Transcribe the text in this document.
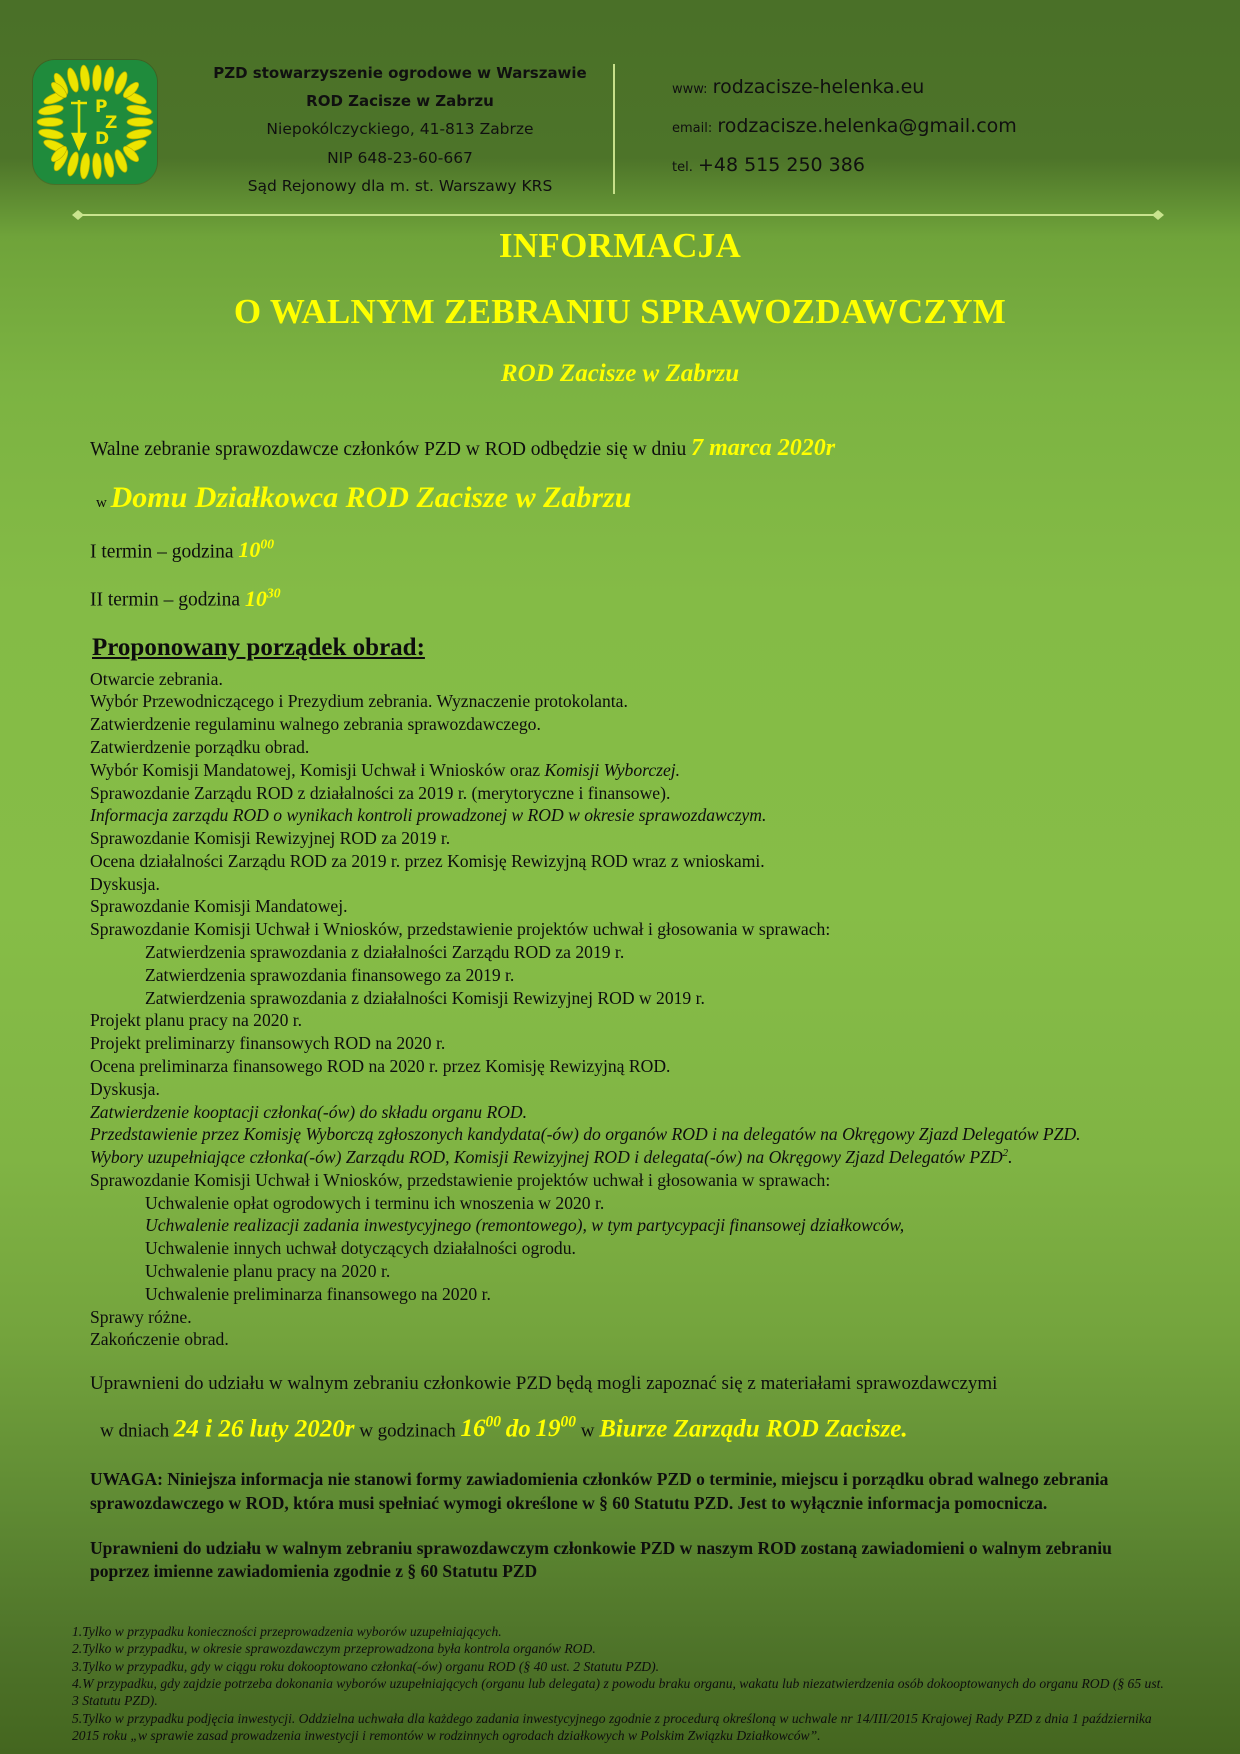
P
Z
D
PZD stowarzyszenie ogrodowe w Warszawie
ROD Zacisze w Zabrzu
Niepokólczyckiego, 41-813 Zabrze
NIP 648-23-60-667
Sąd Rejonowy dla m. st. Warszawy KRS
www: rodzacisze-helenka.eu
email: rodzacisze.helenka@gmail.com
tel. +48 515 250 386
INFORMACJA
O WALNYM ZEBRANIU SPRAWOZDAWCZYM
ROD Zacisze w Zabrzu
Walne zebranie sprawozdawcze członków PZD w ROD odbędzie się w dniu 7 marca 2020r
w Domu Działkowca ROD Zacisze w Zabrzu
I termin – godzina $10^{00}$
II termin – godzina $10^{30}$
Proponowany porządek obrad:
Otwarcie zebrania.
Wybór Przewodniczącego i Prezydium zebrania. Wyznaczenie protokolanta.
Zatwierdzenie regulaminu walnego zebrania sprawozdawczego.
Zatwierdzenie porządku obrad.
Wybór Komisji Mandatowej, Komisji Uchwał i Wniosków oraz Komisji Wyborczej.
Sprawozdanie Zarządu ROD z działalności za 2019 r. (merytoryczne i finansowe).
Informacja zarządu ROD o wynikach kontroli prowadzonej w ROD w okresie sprawozdawczym.
Sprawozdanie Komisji Rewizyjnej ROD za 2019 r.
Ocena działalności Zarządu ROD za 2019 r. przez Komisję Rewizyjną ROD wraz z wnioskami.
Dyskusja.
Sprawozdanie Komisji Mandatowej.
Sprawozdanie Komisji Uchwał i Wniosków, przedstawienie projektów uchwał i głosowania w sprawach:
Zatwierdzenia sprawozdania z działalności Zarządu ROD za 2019 r.
Zatwierdzenia sprawozdania finansowego za 2019 r.
Zatwierdzenia sprawozdania z działalności Komisji Rewizyjnej ROD w 2019 r.
Projekt planu pracy na 2020 r.
Projekt preliminarzy finansowych ROD na 2020 r.
Ocena preliminarza finansowego ROD na 2020 r. przez Komisję Rewizyjną ROD.
Dyskusja.
Zatwierdzenie kooptacji członka(-ów) do składu organu ROD.
Przedstawienie przez Komisję Wyborczą zgłoszonych kandydata(-ów) do organów ROD i na delegatów na Okręgowy Zjazd Delegatów PZD.
Wybory uzupełniające członka(-ów) Zarządu ROD, Komisji Rewizyjnej ROD i delegata(-ów) na Okręgowy Zjazd Delegatów PZD$^2$.
Sprawozdanie Komisji Uchwał i Wniosków, przedstawienie projektów uchwał i głosowania w sprawach:
Uchwalenie opłat ogrodowych i terminu ich wnoszenia w 2020 r.
Uchwalenie realizacji zadania inwestycyjnego (remontowego), w tym partycypacji finansowej działkowców,
Uchwalenie innych uchwał dotyczących działalności ogrodu.
Uchwalenie planu pracy na 2020 r.
Uchwalenie preliminarza finansowego na 2020 r.
Sprawy różne.
Zakończenie obrad.
Uprawnieni do udziału w walnym zebraniu członkowie PZD będą mogli zapoznać się z materiałami sprawozdawczymi
w dniach 24 i 26 luty 2020r w godzinach $16^{00}$ do $19^{00}$ w Biurze Zarządu ROD Zacisze.
UWAGA: Niniejsza informacja nie stanowi formy zawiadomienia członków PZD o terminie, miejscu i porządku obrad walnego zebrania sprawozdawczego w ROD, która musi spełniać wymogi określone w § 60 Statutu PZD. Jest to wyłącznie informacja pomocnicza.
Uprawnieni do udziału w walnym zebraniu sprawozdawczym członkowie PZD w naszym ROD zostaną zawiadomieni o walnym zebraniu poprzez imienne zawiadomienia zgodnie z § 60 Statutu PZD
1.Tylko w przypadku konieczności przeprowadzenia wyborów uzupełniających.
2.Tylko w przypadku, w okresie sprawozdawczym przeprowadzona była kontrola organów ROD.
3.Tylko w przypadku, gdy w ciągu roku dokooptowano członka(-ów) organu ROD (§ 40 ust. 2 Statutu PZD).
4.W przypadku, gdy zajdzie potrzeba dokonania wyborów uzupełniających (organu lub delegata) z powodu braku organu, wakatu lub niezatwierdzenia osób dokooptowanych do organu ROD (§ 65 ust. 3 Statutu PZD).
5.Tylko w przypadku podjęcia inwestycji. Oddzielna uchwała dla każdego zadania inwestycyjnego zgodnie z procedurą określoną w uchwale nr 14/III/2015 Krajowej Rady PZD z dnia 1 października 2015 roku „w sprawie zasad prowadzenia inwestycji i remontów w rodzinnych ogrodach działkowych w Polskim Związku Działkowców”.
